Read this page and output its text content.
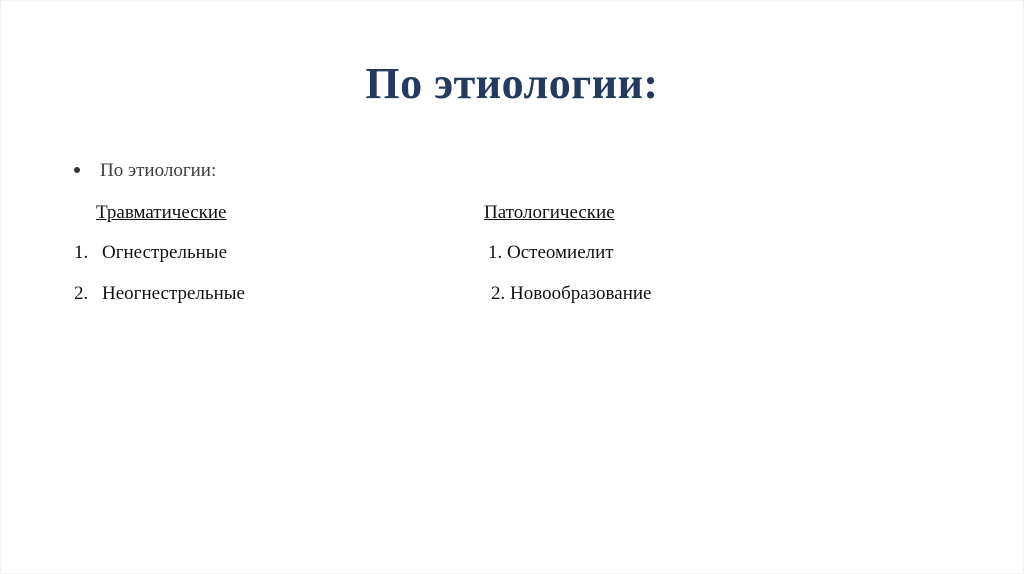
По этиологии:
По этиологии:
Травматические
1. Огнестрельные
2. Неогнестрельные
Патологические
1. Остеомиелит
2. Новообразование
